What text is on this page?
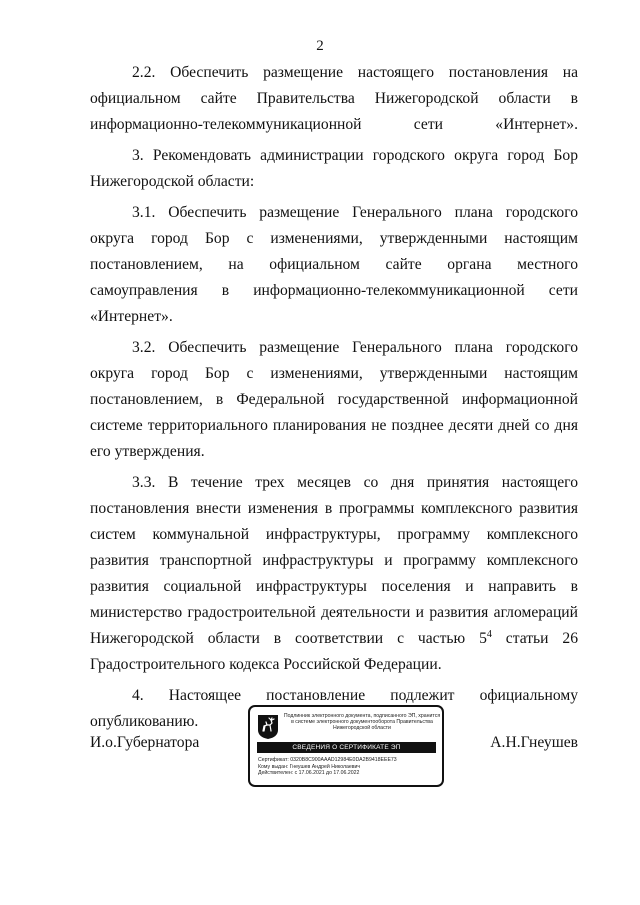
2

2.2. Обеспечить размещение настоящего постановления на официальном сайте Правительства Нижегородской области в информационно-телекоммуникационной сети «Интернет».

3. Рекомендовать администрации городского округа город Бор Нижегородской области:

3.1. Обеспечить размещение Генерального плана городского округа город Бор с изменениями, утвержденными настоящим постановлением, на официальном сайте органа местного самоуправления в информационно-телекоммуникационной сети «Интернет».

3.2. Обеспечить размещение Генерального плана городского округа город Бор с изменениями, утвержденными настоящим постановлением, в Федеральной государственной информационной системе территориального планирования не позднее десяти дней со дня его утверждения.

3.3. В течение трех месяцев со дня принятия настоящего постановления внести изменения в программы комплексного развития систем коммунальной инфраструктуры, программу комплексного развития транспортной инфраструктуры и программу комплексного развития социальной инфраструктуры поселения и направить в министерство градостроительной деятельности и развития агломераций Нижегородской области в соответствии с частью $5^4$ статьи 26 Градостроительного кодекса Российской Федерации.

4. Настоящее постановление подлежит официальному опубликованию.

И.о.Губернатора	А.Н.Гнеушев
Подлинник электронного документа, подписанного ЭП, хранится в системе электронного документооборота Правительства Нижегородской области
СВЕДЕНИЯ О СЕРТИФИКАТЕ ЭП
Сертификат: 0320B8C900AAAD12984E0DA2B9418EEE73
Кому выдан: Гнеушев Андрей Николаевич
Действителен: с 17.06.2021 до 17.06.2022
